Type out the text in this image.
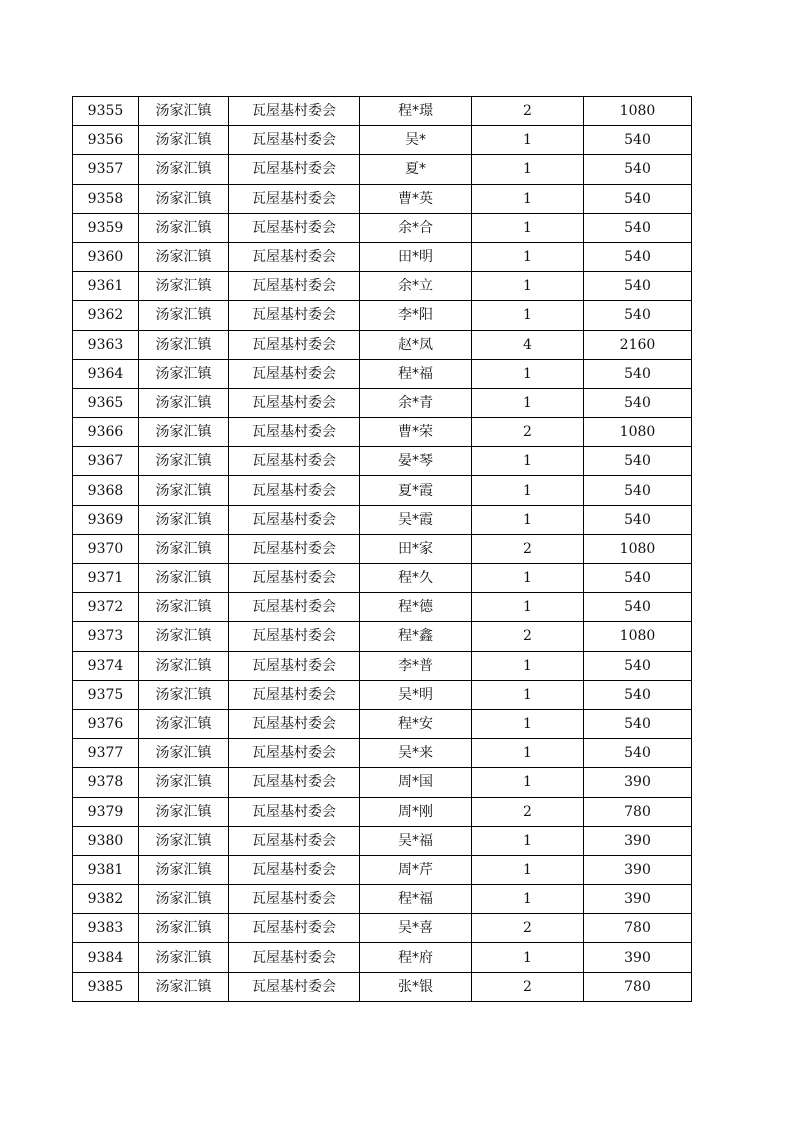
9355	汤家汇镇	瓦屋基村委会	程*璟	2	1080
9356	汤家汇镇	瓦屋基村委会	吴*	1	540
9357	汤家汇镇	瓦屋基村委会	夏*	1	540
9358	汤家汇镇	瓦屋基村委会	曹*英	1	540
9359	汤家汇镇	瓦屋基村委会	余*合	1	540
9360	汤家汇镇	瓦屋基村委会	田*明	1	540
9361	汤家汇镇	瓦屋基村委会	余*立	1	540
9362	汤家汇镇	瓦屋基村委会	李*阳	1	540
9363	汤家汇镇	瓦屋基村委会	赵*凤	4	2160
9364	汤家汇镇	瓦屋基村委会	程*福	1	540
9365	汤家汇镇	瓦屋基村委会	余*青	1	540
9366	汤家汇镇	瓦屋基村委会	曹*荣	2	1080
9367	汤家汇镇	瓦屋基村委会	晏*琴	1	540
9368	汤家汇镇	瓦屋基村委会	夏*霞	1	540
9369	汤家汇镇	瓦屋基村委会	吴*霞	1	540
9370	汤家汇镇	瓦屋基村委会	田*家	2	1080
9371	汤家汇镇	瓦屋基村委会	程*久	1	540
9372	汤家汇镇	瓦屋基村委会	程*德	1	540
9373	汤家汇镇	瓦屋基村委会	程*鑫	2	1080
9374	汤家汇镇	瓦屋基村委会	李*普	1	540
9375	汤家汇镇	瓦屋基村委会	吴*明	1	540
9376	汤家汇镇	瓦屋基村委会	程*安	1	540
9377	汤家汇镇	瓦屋基村委会	吴*来	1	540
9378	汤家汇镇	瓦屋基村委会	周*国	1	390
9379	汤家汇镇	瓦屋基村委会	周*刚	2	780
9380	汤家汇镇	瓦屋基村委会	吴*福	1	390
9381	汤家汇镇	瓦屋基村委会	周*芹	1	390
9382	汤家汇镇	瓦屋基村委会	程*福	1	390
9383	汤家汇镇	瓦屋基村委会	吴*喜	2	780
9384	汤家汇镇	瓦屋基村委会	程*府	1	390
9385	汤家汇镇	瓦屋基村委会	张*银	2	780
